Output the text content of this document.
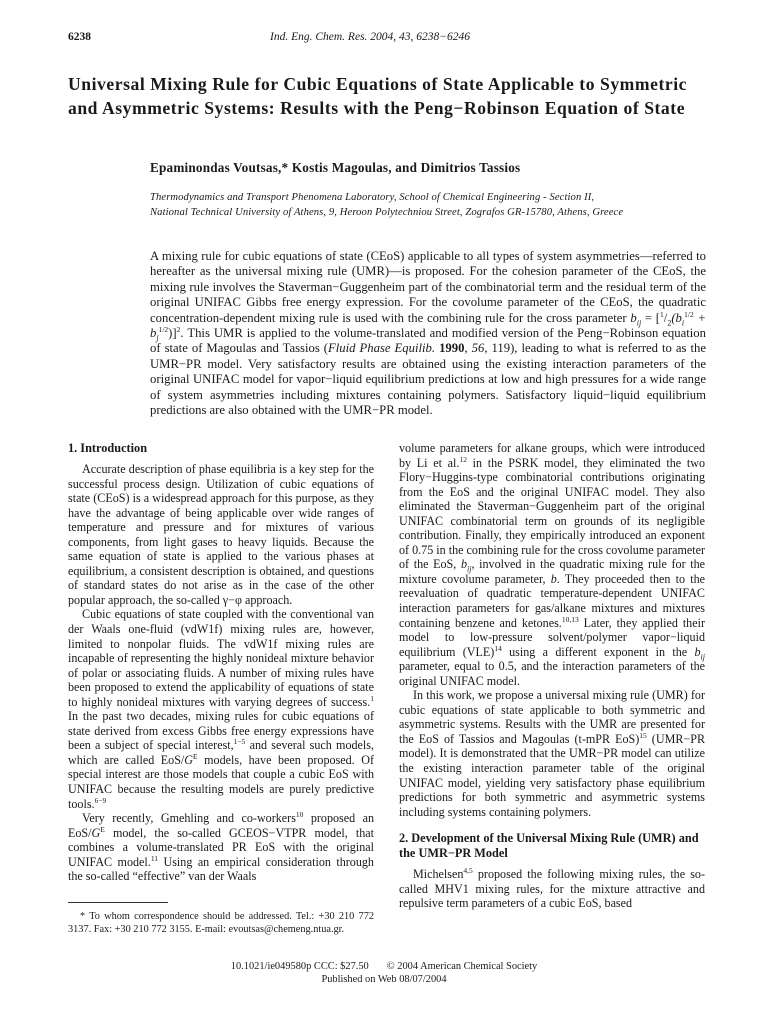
6238	Ind. Eng. Chem. Res. 2004, 43, 6238−6246
Universal Mixing Rule for Cubic Equations of State Applicable to Symmetric and Asymmetric Systems: Results with the Peng−Robinson Equation of State
Epaminondas Voutsas,* Kostis Magoulas, and Dimitrios Tassios
Thermodynamics and Transport Phenomena Laboratory, School of Chemical Engineering - Section II,
National Technical University of Athens, 9, Heroon Polytechniou Street, Zografos GR-15780, Athens, Greece

A mixing rule for cubic equations of state (CEoS) applicable to all types of system asymmetries—referred to hereafter as the universal mixing rule (UMR)—is proposed. For the cohesion parameter of the CEoS, the mixing rule involves the Staverman−Guggenheim part of the combinatorial term and the residual term of the original UNIFAC Gibbs free energy expression. For the covolume parameter of the CEoS, the quadratic concentration-dependent mixing rule is used with the combining rule for the cross parameter $b_{ij} = [^1/_2(b_i^{1/2} + b_j^{1/2})]^2$. This UMR is applied to the volume-translated and modified version of the Peng−Robinson equation of state of Magoulas and Tassios (Fluid Phase Equilib. 1990, 56, 119), leading to what is referred to as the UMR−PR model. Very satisfactory results are obtained using the existing interaction parameters of the original UNIFAC model for vapor−liquid equilibrium predictions at low and high pressures for a wide range of system asymmetries including mixtures containing polymers. Satisfactory liquid−liquid equilibrium predictions are also obtained with the UMR−PR model.

1. Introduction

Accurate description of phase equilibria is a key step for the successful process design. Utilization of cubic equations of state (CEoS) is a widespread approach for this purpose, as they have the advantage of being applicable over wide ranges of temperature and pressure and for mixtures of various components, from light gases to heavy liquids. Because the same equation of state is applied to the various phases at equilibrium, a consistent description is obtained, and questions of standard states do not arise as in the case of the other popular approach, the so-called γ−φ approach.

Cubic equations of state coupled with the conventional van der Waals one-fluid (vdW1f) mixing rules are, however, limited to nonpolar fluids. The vdW1f mixing rules are incapable of representing the highly nonideal mixture behavior of polar or associating fluids. A number of mixing rules have been proposed to extend the applicability of equations of state to highly nonideal mixtures with varying degrees of success.$^1$ In the past two decades, mixing rules for cubic equations of state derived from excess Gibbs free energy expressions have been a subject of special interest,$^{1-5}$ and several such models, which are called EoS/$G^E$ models, have been proposed. Of special interest are those models that couple a cubic EoS with UNIFAC because the resulting models are purely predictive tools.$^{6-9}$

Very recently, Gmehling and co-workers$^{10}$ proposed an EoS/$G^E$ model, the so-called GCEOS−VTPR model, that combines a volume-translated PR EoS with the original UNIFAC model.$^{11}$ Using an empirical consideration through the so-called “effective” van der Waals

volume parameters for alkane groups, which were introduced by Li et al.$^{12}$ in the PSRK model, they eliminated the two Flory−Huggins-type combinatorial contributions originating from the EoS and the original UNIFAC model. They also eliminated the Staverman−Guggenheim part of the original UNIFAC combinatorial term on grounds of its negligible contribution. Finally, they empirically introduced an exponent of 0.75 in the combining rule for the cross covolume parameter of the EoS, $b_{ij}$, involved in the quadratic mixing rule for the mixture covolume parameter, b. They proceeded then to the reevaluation of quadratic temperature-dependent UNIFAC interaction parameters for gas/alkane mixtures and mixtures containing benzene and ketones.$^{10,13}$ Later, they applied their model to low-pressure solvent/polymer vapor−liquid equilibrium (VLE)$^{14}$ using a different exponent in the $b_{ij}$ parameter, equal to 0.5, and the interaction parameters of the original UNIFAC model.

In this work, we propose a universal mixing rule (UMR) for cubic equations of state applicable to both symmetric and asymmetric systems. Results with the UMR are presented for the EoS of Tassios and Magoulas (t-mPR EoS)$^{15}$ (UMR−PR model). It is demonstrated that the UMR−PR model can utilize the existing interaction parameter table of the original UNIFAC model, yielding very satisfactory phase equilibrium predictions for both symmetric and asymmetric systems including systems containing polymers.

2. Development of the Universal Mixing Rule (UMR) and the UMR−PR Model

Michelsen$^{4,5}$ proposed the following mixing rules, the so-called MHV1 mixing rules, for the mixture attractive and repulsive term parameters of a cubic EoS, based

* To whom correspondence should be addressed. Tel.: +30 210 772 3137. Fax: +30 210 772 3155. E-mail: evoutsas@chemeng.ntua.gr.
10.1021/ie049580p CCC: $27.50 © 2004 American Chemical Society
Published on Web 08/07/2004
